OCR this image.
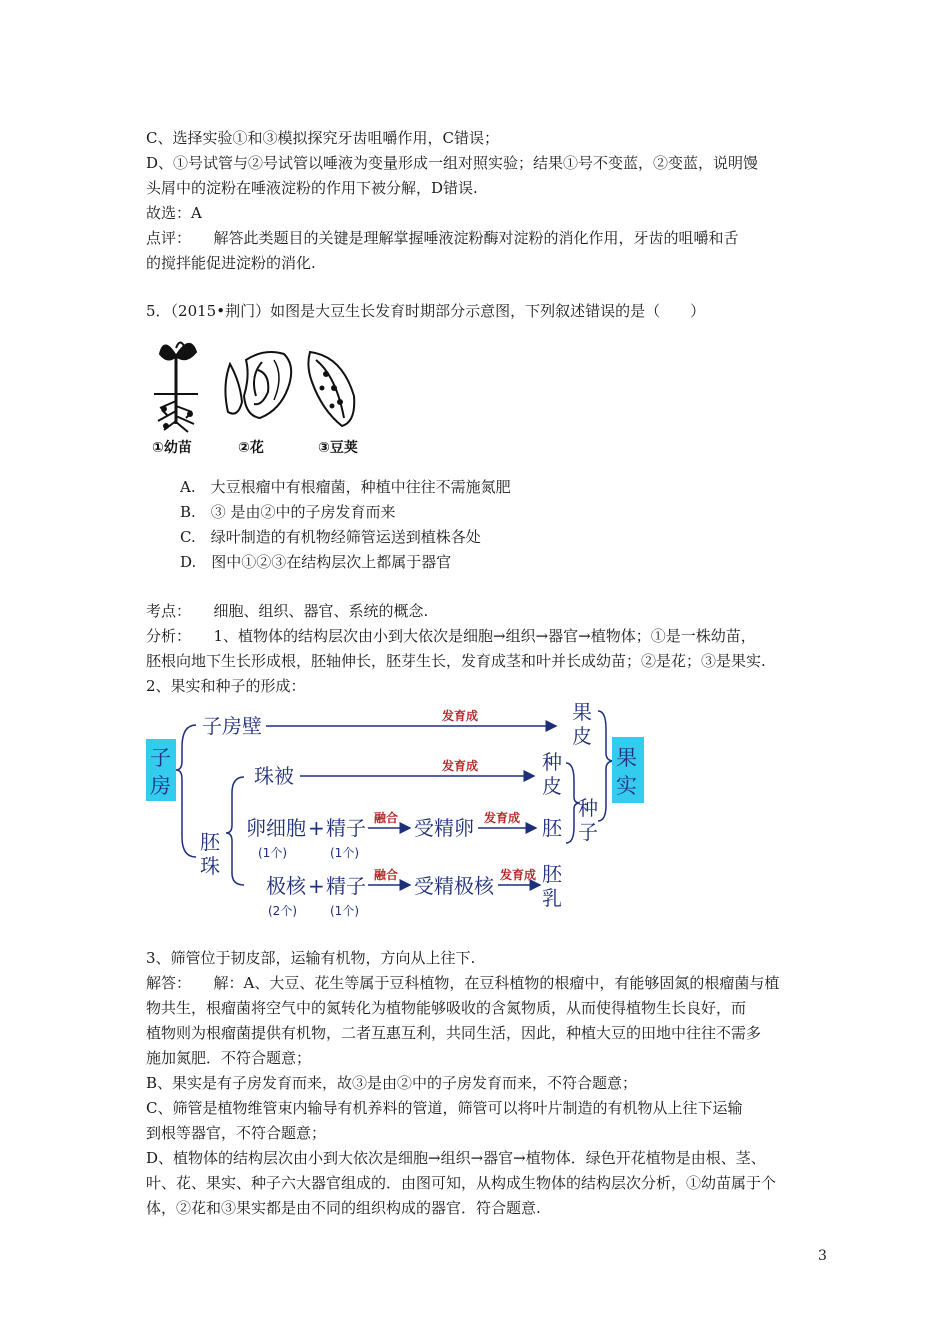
C、选择实验①和③模拟探究牙齿咀嚼作用，C错误；
D、①号试管与②号试管以唾液为变量形成一组对照实验；结果①号不变蓝，②变蓝，说明馒
头屑中的淀粉在唾液淀粉的作用下被分解，D错误.
故选：A
点评：　　解答此类题目的关键是理解掌握唾液淀粉酶对淀粉的消化作用，牙齿的咀嚼和舌
的搅拌能促进淀粉的消化.
5．（2015•荆门）如图是大豆生长发育时期部分示意图，下列叙述错误的是（　　）
①幼苗	②花	③豆荚
A.　大豆根瘤中有根瘤菌，种植中往往不需施氮肥
B.　③ 是由②中的子房发育而来
C.　绿叶制造的有机物经筛管运送到植株各处
D.　图中①②③在结构层次上都属于器官
考点：　　细胞、组织、器官、系统的概念.
分析：　　1、植物体的结构层次由小到大依次是细胞→组织→器官→植物体；①是一株幼苗，
胚根向地下生长形成根，胚轴伸长，胚芽生长，发育成茎和叶并长成幼苗；②是花；③是果实.
2、果实和种子的形成：
子
房
子房壁	发育成	果
皮
胚
珠
珠被	发育成	种
皮
卵细胞 + 精子
(1个)	(1个)
融合 受精卵 发育成 胚
种
子
果
实
极核 + 精子
(2个)	(1个)
融合 受精极核 发育成 胚
乳
3、筛管位于韧皮部，运输有机物，方向从上往下.
解答：　　解：A、大豆、花生等属于豆科植物，在豆科植物的根瘤中，有能够固氮的根瘤菌与植
物共生，根瘤菌将空气中的氮转化为植物能够吸收的含氮物质，从而使得植物生长良好，而
植物则为根瘤菌提供有机物，二者互惠互利，共同生活，因此，种植大豆的田地中往往不需多
施加氮肥．不符合题意；
B、果实是有子房发育而来，故③是由②中的子房发育而来，不符合题意；
C、筛管是植物维管束内输导有机养料的管道，筛管可以将叶片制造的有机物从上往下运输
到根等器官，不符合题意；
D、植物体的结构层次由小到大依次是细胞→组织→器官→植物体．绿色开花植物是由根、茎、
叶、花、果实、种子六大器官组成的．由图可知，从构成生物体的结构层次分析，①幼苗属于个
体，②花和③果实都是由不同的组织构成的器官．符合题意.
3
